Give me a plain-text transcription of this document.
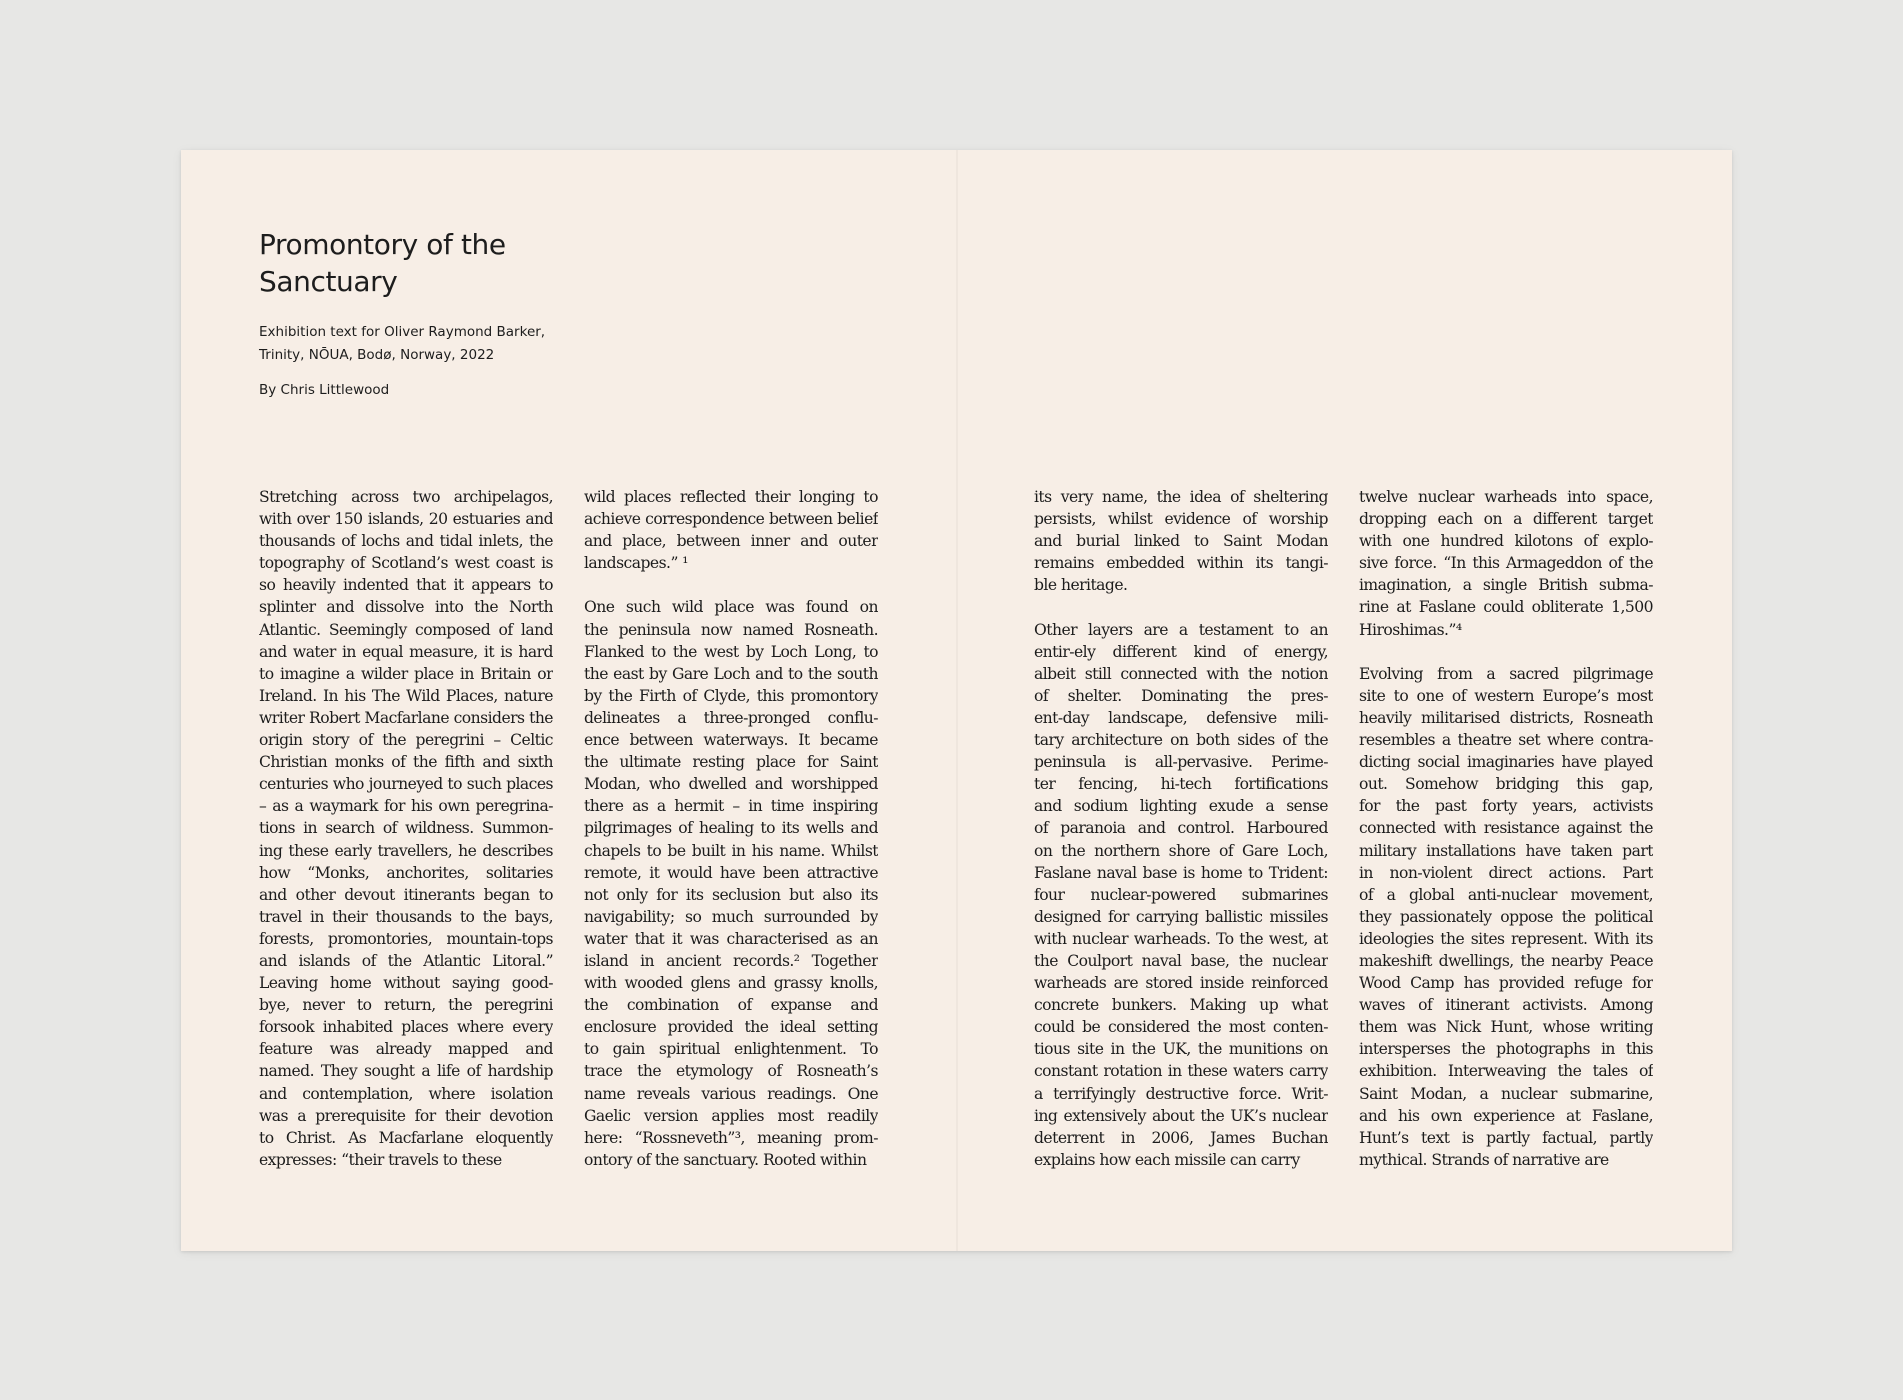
Promontory of the
Sanctuary
Exhibition text for Oliver Raymond Barker,
Trinity, NŌUA, Bodø, Norway, 2022
By Chris Littlewood

Stretching across two archipelagos,
with over 150 islands, 20 estuaries and
thousands of lochs and tidal inlets, the
topography of Scotland’s west coast is
so heavily indented that it appears to
splinter and dissolve into the North
Atlantic. Seemingly composed of land
and water in equal measure, it is hard
to imagine a wilder place in Britain or
Ireland. In his The Wild Places, nature
writer Robert Macfarlane considers the
origin story of the peregrini – Celtic
Christian monks of the fifth and sixth
centuries who journeyed to such places
– as a waymark for his own peregrina-
tions in search of wildness. Summon-
ing these early travellers, he describes
how “Monks, anchorites, solitaries
and other devout itinerants began to
travel in their thousands to the bays,
forests, promontories, mountain-tops
and islands of the Atlantic Litoral.”
Leaving home without saying good-
bye, never to return, the peregrini
forsook inhabited places where every
feature was already mapped and
named. They sought a life of hardship
and contemplation, where isolation
was a prerequisite for their devotion
to Christ. As Macfarlane eloquently
expresses: “their travels to these

wild places reflected their longing to
achieve correspondence between belief
and place, between inner and outer
landscapes.” ¹

One such wild place was found on
the peninsula now named Rosneath.
Flanked to the west by Loch Long, to
the east by Gare Loch and to the south
by the Firth of Clyde, this promontory
delineates a three-pronged conflu-
ence between waterways. It became
the ultimate resting place for Saint
Modan, who dwelled and worshipped
there as a hermit – in time inspiring
pilgrimages of healing to its wells and
chapels to be built in his name. Whilst
remote, it would have been attractive
not only for its seclusion but also its
navigability; so much surrounded by
water that it was characterised as an
island in ancient records.² Together
with wooded glens and grassy knolls,
the combination of expanse and
enclosure provided the ideal setting
to gain spiritual enlightenment. To
trace the etymology of Rosneath’s
name reveals various readings. One
Gaelic version applies most readily
here: “Rossneveth”³, meaning prom-
ontory of the sanctuary. Rooted within

its very name, the idea of sheltering
persists, whilst evidence of worship
and burial linked to Saint Modan
remains embedded within its tangi-
ble heritage.

Other layers are a testament to an
entir-ely different kind of energy,
albeit still connected with the notion
of shelter. Dominating the pres-
ent-day landscape, defensive mili-
tary architecture on both sides of the
peninsula is all-pervasive. Perime-
ter fencing, hi-tech fortifications
and sodium lighting exude a sense
of paranoia and control. Harboured
on the northern shore of Gare Loch,
Faslane naval base is home to Trident:
four nuclear-powered submarines
designed for carrying ballistic missiles
with nuclear warheads. To the west, at
the Coulport naval base, the nuclear
warheads are stored inside reinforced
concrete bunkers. Making up what
could be considered the most conten-
tious site in the UK, the munitions on
constant rotation in these waters carry
a terrifyingly destructive force. Writ-
ing extensively about the UK’s nuclear
deterrent in 2006, James Buchan
explains how each missile can carry

twelve nuclear warheads into space,
dropping each on a different target
with one hundred kilotons of explo-
sive force. “In this Armageddon of the
imagination, a single British subma-
rine at Faslane could obliterate 1,500
Hiroshimas.”⁴

Evolving from a sacred pilgrimage
site to one of western Europe’s most
heavily militarised districts, Rosneath
resembles a theatre set where contra-
dicting social imaginaries have played
out. Somehow bridging this gap,
for the past forty years, activists
connected with resistance against the
military installations have taken part
in non-violent direct actions. Part
of a global anti-nuclear movement,
they passionately oppose the political
ideologies the sites represent. With its
makeshift dwellings, the nearby Peace
Wood Camp has provided refuge for
waves of itinerant activists. Among
them was Nick Hunt, whose writing
intersperses the photographs in this
exhibition. Interweaving the tales of
Saint Modan, a nuclear submarine,
and his own experience at Faslane,
Hunt’s text is partly factual, partly
mythical. Strands of narrative are
